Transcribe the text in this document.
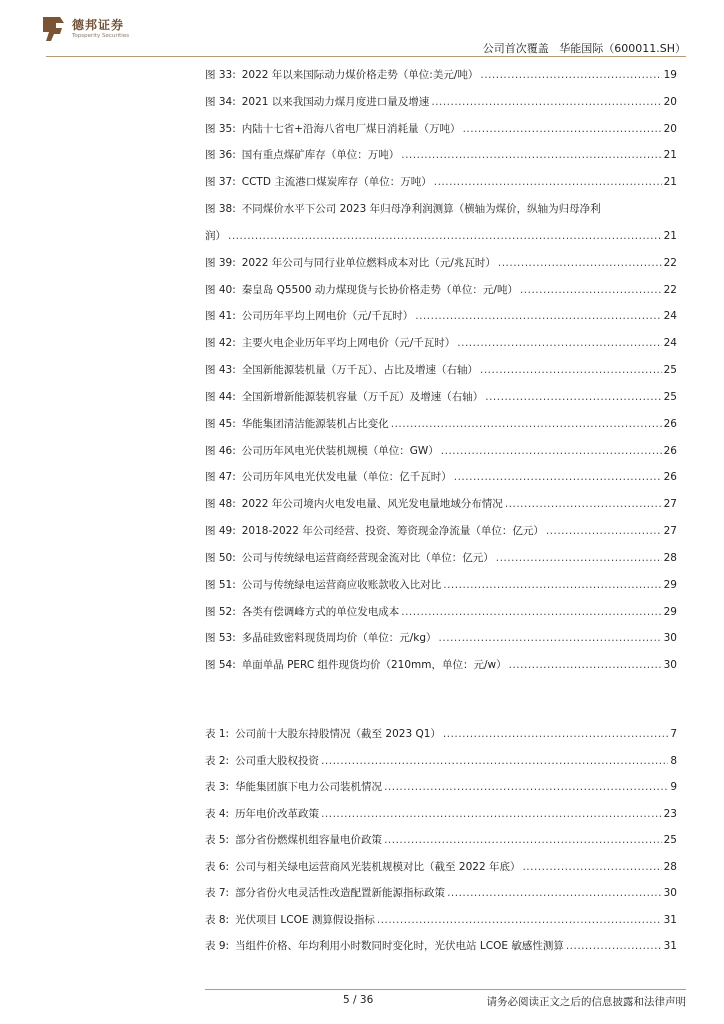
德邦证券
Topsperity Securities
公司首次覆盖 华能国际（600011.SH）
图 33: 2022 年以来国际动力煤价格走势（单位:美元/吨） .....	19
图 34: 2021 以来我国动力煤月度进口量及增速 .....	20
图 35: 内陆十七省+沿海八省电厂煤日消耗量（万吨） .....	20
图 36: 国有重点煤矿库存（单位：万吨） .....	21
图 37: CCTD 主流港口煤炭库存（单位：万吨） .....	21
图 38: 不同煤价水平下公司 2023 年归母净利润测算（横轴为煤价，纵轴为归母净利
润） .....	21
图 39: 2022 年公司与同行业单位燃料成本对比（元/兆瓦时） .....	22
图 40: 秦皇岛 Q5500 动力煤现货与长协价格走势（单位：元/吨） .....	22
图 41: 公司历年平均上网电价（元/千瓦时） .....	24
图 42: 主要火电企业历年平均上网电价（元/千瓦时） .....	24
图 43: 全国新能源装机量（万千瓦）、占比及增速（右轴） .....	25
图 44: 全国新增新能源装机容量（万千瓦）及增速（右轴） .....	25
图 45: 华能集团清洁能源装机占比变化 .....	26
图 46: 公司历年风电光伏装机规模（单位：GW） .....	26
图 47: 公司历年风电光伏发电量（单位：亿千瓦时） .....	26
图 48: 2022 年公司境内火电发电量、风光发电量地域分布情况 .....	27
图 49: 2018-2022 年公司经营、投资、筹资现金净流量（单位：亿元） .....	27
图 50: 公司与传统绿电运营商经营现金流对比（单位：亿元） .....	28
图 51: 公司与传统绿电运营商应收账款收入比对比 .....	29
图 52: 各类有偿调峰方式的单位发电成本 .....	29
图 53: 多晶硅致密料现货周均价（单位：元/kg） .....	30
图 54: 单面单晶 PERC 组件现货均价（210mm，单位：元/w） .....	30
表 1: 公司前十大股东持股情况（截至 2023 Q1） .....	7
表 2: 公司重大股权投资 .....	8
表 3: 华能集团旗下电力公司装机情况 .....	9
表 4: 历年电价改革政策 .....	23
表 5: 部分省份燃煤机组容量电价政策 .....	25
表 6: 公司与相关绿电运营商风光装机规模对比（截至 2022 年底） .....	28
表 7: 部分省份火电灵活性改造配置新能源指标政策 .....	30
表 8: 光伏项目 LCOE 测算假设指标 .....	31
表 9: 当组件价格、年均利用小时数同时变化时，光伏电站 LCOE 敏感性测算 .....	31
5 / 36	请务必阅读正文之后的信息披露和法律声明
